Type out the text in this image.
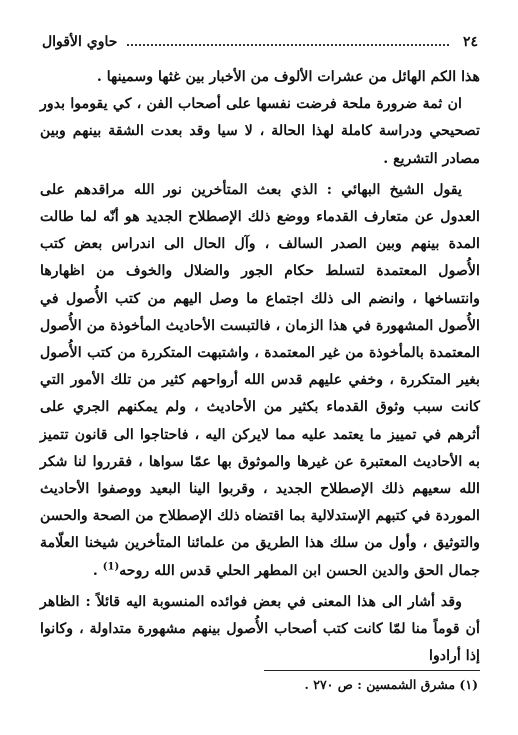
٢٤
حاوي الأقوال

هذا الكم الهائل من عشرات الألوف من الأخبار بين غثها وسمينها .

ان ثمة ضرورة ملحة فرضت نفسها على أصحاب الفن ، كي يقوموا بدور تصحيحي ودراسة كاملة لهذا الحالة ، لا سيا وقد بعدت الشقة بينهم وبين مصادر التشريع .

يقول الشيخ البهائي : الذي بعث المتأخرين نور الله مراقدهم على العدول عن متعارف القدماء ووضع ذلك الإصطلاح الجديد هو أنّه لما طالت المدة بينهم وبين الصدر السالف ، وآل الحال الى اندراس بعض كتب الأُصول المعتمدة لتسلط حكام الجور والضلال والخوف من اظهارها وانتساخها ، وانضم الى ذلك اجتماع ما وصل اليهم من كتب الأُصول في الأُصول المشهورة في هذا الزمان ، فالتبست الأحاديث المأخوذة من الأُصول المعتمدة بالمأخوذة من غير المعتمدة ، واشتبهت المتكررة من كتب الأُصول بغير المتكررة ، وخفي عليهم قدس الله أرواحهم كثير من تلك الأمور التي كانت سبب وثوق القدماء بكثير من الأحاديث ، ولم يمكنهم الجري على أثرهم في تمييز ما يعتمد عليه مما لايركن اليه ، فاحتاجوا الى قانون تتميز به الأحاديث المعتبرة عن غيرها والموثوق بها عمّا سواها ، فقرروا لنا شكر الله سعيهم ذلك الإصطلاح الجديد ، وقربوا الينا البعيد ووصفوا الأحاديث الموردة في كتبهم الإستدلالية بما اقتضاه ذلك الإصطلاح من الصحة والحسن والتوثيق ، وأول من سلك هذا الطريق من علمائنا المتأخرين شيخنا العلّامة جمال الحق والدين الحسن ابن المطهر الحلي قدس الله روحه$^{(1)}$ .

وقد أشار الى هذا المعنى في بعض فوائده المنسوبة اليه قائلاً : الظاهر أن قوماً منا لمّا كانت كتب أصحاب الأُصول بينهم مشهورة متداولة ، وكانوا إذا أرادوا

(١) مشرق الشمسين : ص ٢٧٠ .
